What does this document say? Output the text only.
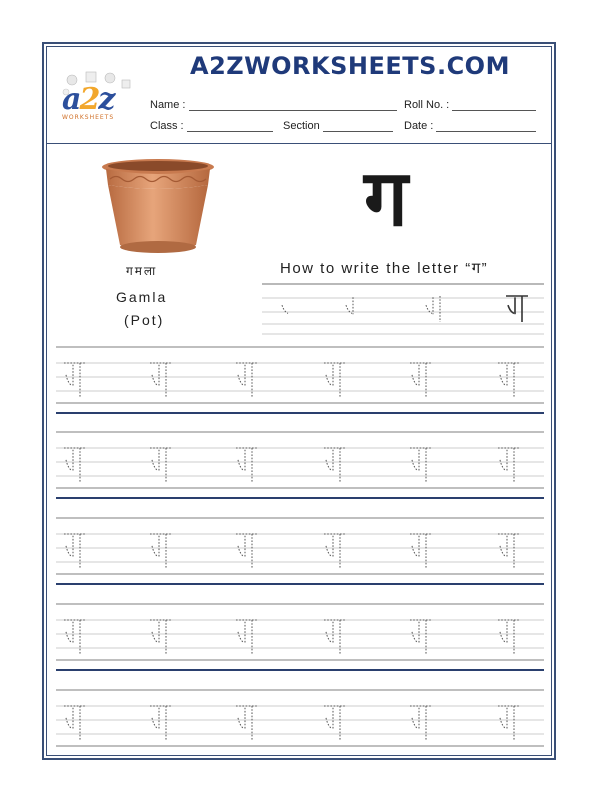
A2ZWORKSHEETS.COM
a2z
WORKSHEETS
Name :	Roll No. :
Class :	Section	Date :
गमला
Gamla
(Pot)
ग
How to write the letter “ग”
